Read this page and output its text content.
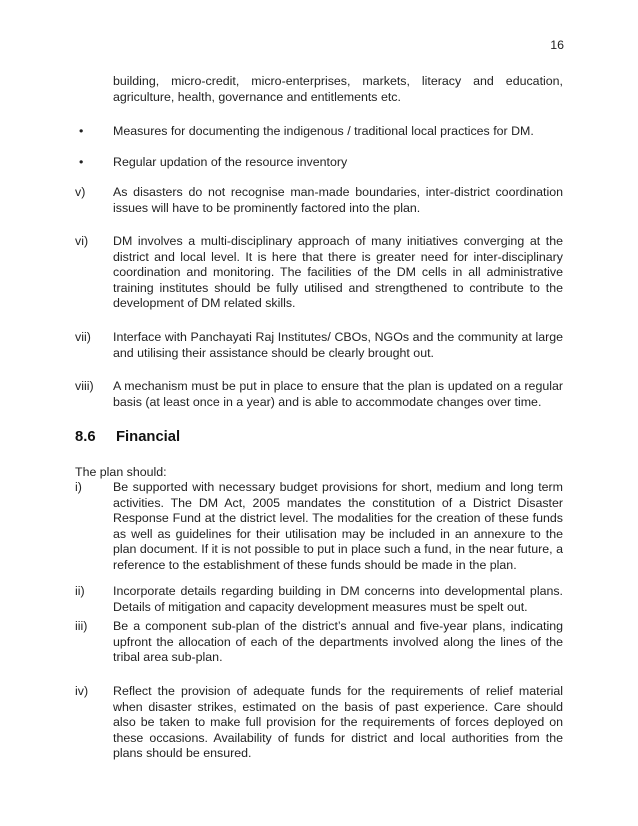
16
building, micro-credit, micro-enterprises, markets, literacy and education, agriculture, health, governance and entitlements etc.
• Measures for documenting the indigenous / traditional local practices for DM.
• Regular updation of the resource inventory
v) As disasters do not recognise man-made boundaries, inter-district coordination issues will have to be prominently factored into the plan.
vi) DM involves a multi-disciplinary approach of many initiatives converging at the district and local level. It is here that there is greater need for inter-disciplinary coordination and monitoring. The facilities of the DM cells in all administrative training institutes should be fully utilised and strengthened to contribute to the development of DM related skills.
vii) Interface with Panchayati Raj Institutes/ CBOs, NGOs and the community at large and utilising their assistance should be clearly brought out.
viii) A mechanism must be put in place to ensure that the plan is updated on a regular basis (at least once in a year) and is able to accommodate changes over time.
8.6 Financial
The plan should:
i)	Be supported with necessary budget provisions for short, medium and long term activities. The DM Act, 2005 mandates the constitution of a District Disaster Response Fund at the district level. The modalities for the creation of these funds as well as guidelines for their utilisation may be included in an annexure to the plan document. If it is not possible to put in place such a fund, in the near future, a reference to the establishment of these funds should be made in the plan.
ii) Incorporate details regarding building in DM concerns into developmental plans. Details of mitigation and capacity development measures must be spelt out.
iii) Be a component sub-plan of the district’s annual and five-year plans, indicating upfront the allocation of each of the departments involved along the lines of the tribal area sub-plan.
iv) Reflect the provision of adequate funds for the requirements of relief material when disaster strikes, estimated on the basis of past experience. Care should also be taken to make full provision for the requirements of forces deployed on these occasions. Availability of funds for district and local authorities from the plans should be ensured.
